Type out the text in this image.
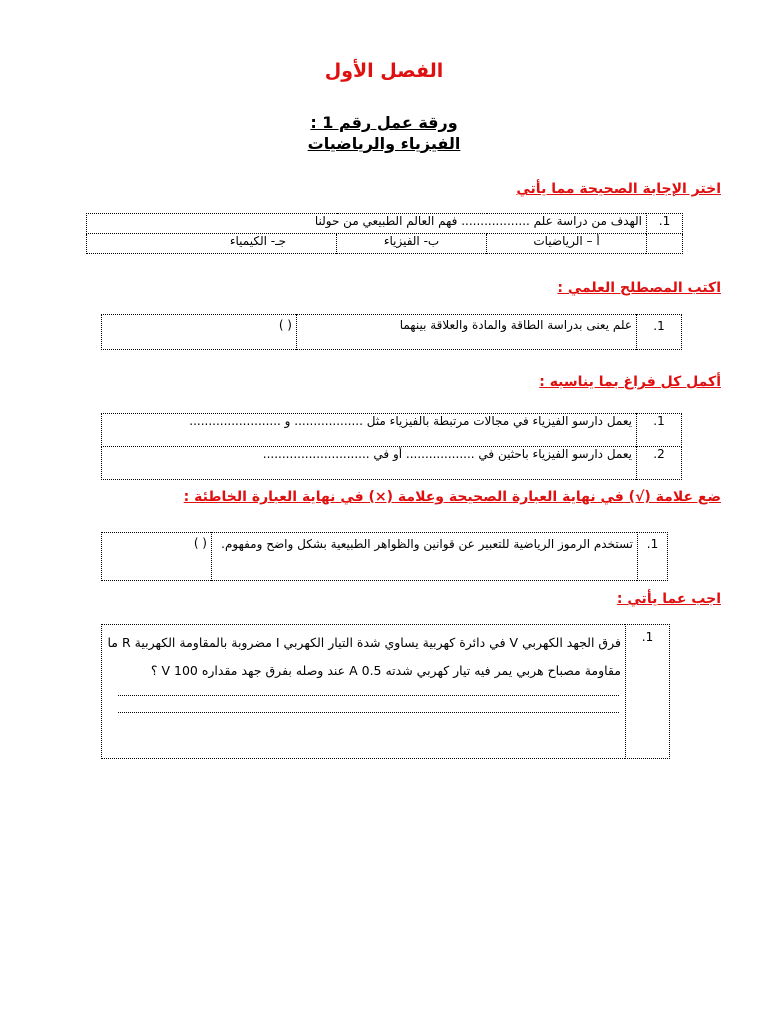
الفصل الأول
ورقة عمل رقم 1 :
الفيزياء والرياضيات
اختر الإجابة الصحيحة مما يأتي
1.	الهدف من دراسة علم .................. فهم العالم الطبيعي من حولنا		
	أ – الرياضيات	ب- الفيزياء	جـ- الكيمياء
اكتب المصطلح العلمي :
1.	علم يعنى بدراسة الطاقة والمادة والعلاقة بينهما	( )
أكمل كل فراغ بما يناسبه :
1.	يعمل دارسو الفيزياء في مجالات مرتبطة بالفيزياء مثل .................. و ........................
2.	يعمل دارسو الفيزياء باحثين في .................. أو في ............................
ضع علامة (√) في نهاية العبارة الصحيحة وعلامة (×) في نهاية العبارة الخاطئة :
1.	تستخدم الرموز الرياضية للتعبير عن قوانين والظواهر الطبيعية بشكل واضح ومفهوم.	( )
اجب عما يأتي :
1.	
فرق الجهد الكهربي V في دائرة كهربية يساوي شدة التيار الكهربي I مضروبة بالمقاومة الكهربية R ما مقاومة مصباح هربي يمر فيه تيار كهربي شدته A 0.5 عند وصله بفرق جهد مقداره V 100 ؟
